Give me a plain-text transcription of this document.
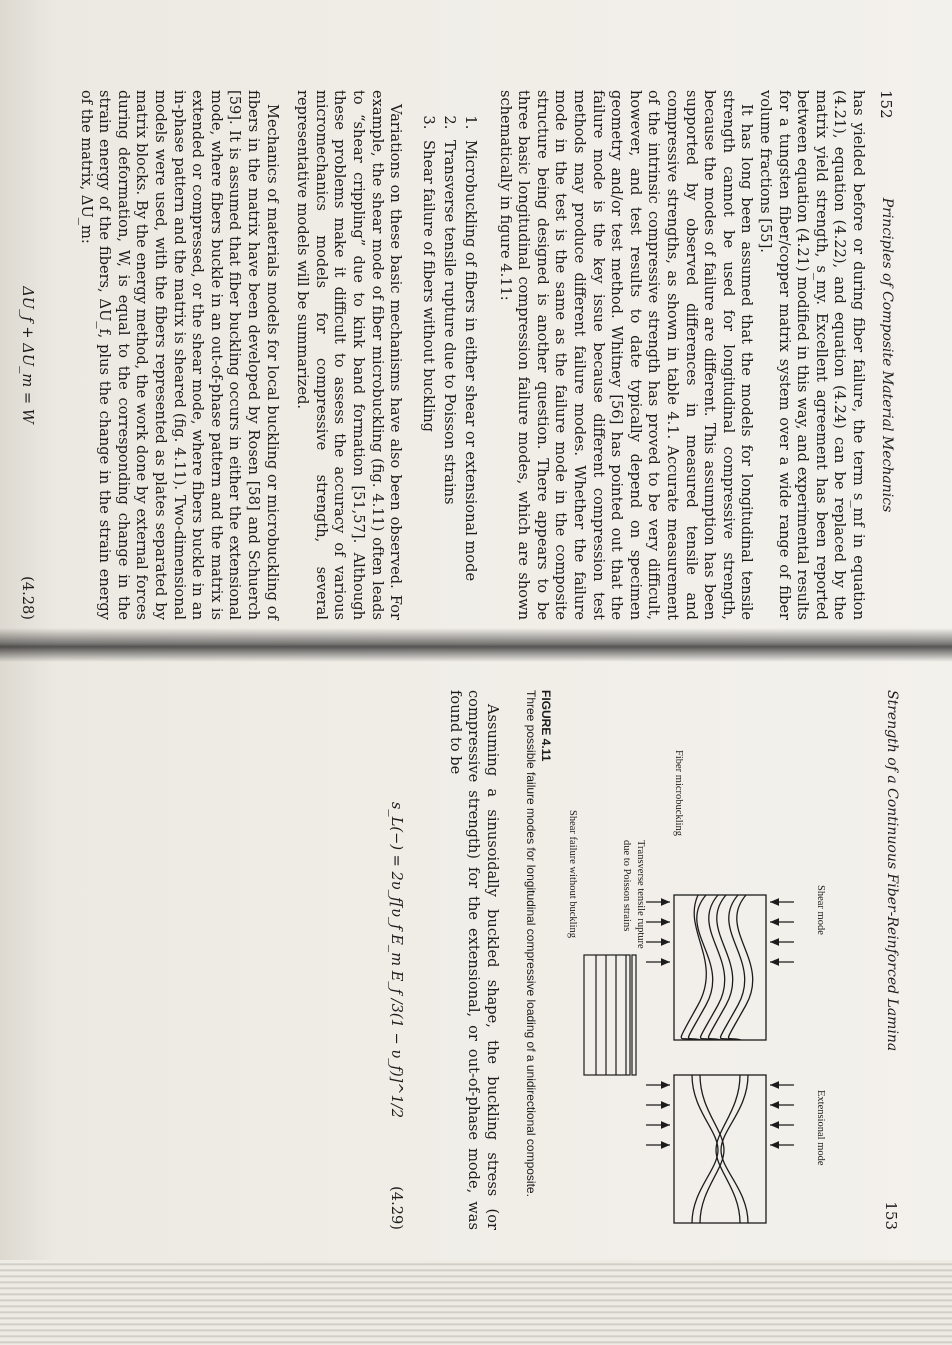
152
Principles of Composite Material Mechanics

has yielded before or during fiber failure, the term s_mf in equation (4.21), equation (4.22), and equation (4.24) can be replaced by the matrix yield strength, s_my. Excellent agreement has been reported between equation (4.21) modified in this way, and experimental results for a tungsten fiber/copper matrix system over a wide range of fiber volume fractions [55].

It has long been assumed that the models for longitudinal tensile strength cannot be used for longitudinal compressive strength, because the modes of failure are different. This assumption has been supported by observed differences in measured tensile and compressive strengths, as shown in table 4.1. Accurate measurement of the intrinsic compressive strength has proved to be very difficult, however, and test results to date typically depend on specimen geometry and/or test method. Whitney [56] has pointed out that the failure mode is the key issue because different compression test methods may produce different failure modes. Whether the failure mode in the test is the same as the failure mode in the composite structure being designed is another question. There appears to be three basic longitudinal compression failure modes, which are shown schematically in figure 4.11:

1. Microbuckling of fibers in either shear or extensional mode
2. Transverse tensile rupture due to Poisson strains
3. Shear failure of fibers without buckling

Variations on these basic mechanisms have also been observed. For example, the shear mode of fiber microbuckling (fig. 4.11) often leads to “shear crippling” due to kink band formation [51,57]. Although these problems make it difficult to assess the accuracy of various micromechanics models for compressive strength, several representative models will be summarized.

Mechanics of materials models for local buckling or microbuckling of fibers in the matrix have been developed by Rosen [58] and Schuerch [59]. It is assumed that fiber buckling occurs in either the extensional mode, where fibers buckle in an out-of-phase pattern and the matrix is extended or compressed, or the shear mode, where fibers buckle in an in-phase pattern and the matrix is sheared (fig. 4.11). Two-dimensional models were used, with the fibers represented as plates separated by matrix blocks. By the energy method, the work done by external forces during deformation, W, is equal to the corresponding change in the strain energy of the fibers, ΔU_f, plus the change in the strain energy of the matrix, ΔU_m:

ΔU_f + ΔU_m = W
(4.28)
Strength of a Continuous Fiber-Reinforced Lamina
153
Shear mode
Extensional mode
Fiber microbuckling
Transverse tensile rupture
due to Poisson strains
Shear failure without buckling
FIGURE 4.11
Three possible failure modes for longitudinal compressive loading of a unidirectional composite.

Assuming a sinusoidally buckled shape, the buckling stress (or compressive strength) for the extensional, or out-of-phase mode, was found to be

s_L(−) = 2υ_f[υ_f E_m E_f /3(1 − υ_f)]^1/2
(4.29)
